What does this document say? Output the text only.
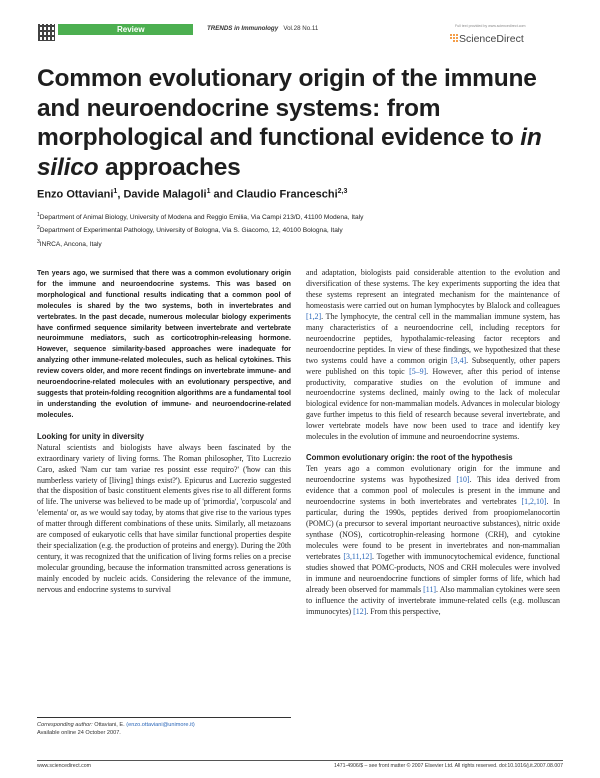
Review	TRENDS in Immunology Vol.28 No.11	Full text provided by www.sciencedirect.com
ScienceDirect
Common evolutionary origin of the immune and neuroendocrine systems: from morphological and functional evidence to in silico approaches
Enzo Ottaviani$^1$, Davide Malagoli$^1$ and Claudio Franceschi$^{2,3}$
$^1$Department of Animal Biology, University of Modena and Reggio Emilia, Via Campi 213/D, 41100 Modena, Italy
$^2$Department of Experimental Pathology, University of Bologna, Via S. Giacomo, 12, 40100 Bologna, Italy
$^3$INRCA, Ancona, Italy

Ten years ago, we surmised that there was a common evolutionary origin for the immune and neuroendocrine systems. This was based on morphological and functional results indicating that a common pool of molecules is shared by the two systems, both in invertebrates and vertebrates. In the past decade, numerous molecular biology experiments have confirmed sequence similarity between invertebrate and vertebrate neuroimmune mediators, such as corticotrophin-releasing hormone. However, sequence similarity-based approaches were inadequate for analyzing other immune-related molecules, such as helical cytokines. This review covers older, and more recent findings on invertebrate immune- and neuroendocrine-related molecules with an evolutionary perspective, and suggests that protein-folding recognition algorithms are a fundamental tool in understanding the evolution of immune- and neuroendocrine-related molecules.

Looking for unity in diversity

Natural scientists and biologists have always been fascinated by the extraordinary variety of living forms. The Roman philosopher, Tito Lucrezio Caro, asked 'Nam cur tam variae res possint esse requiro?' ('how can this numberless variety of [living] things exist?'). Epicurus and Lucrezio suggested that the disposition of basic constituent elements gives rise to all different forms of life. The universe was believed to be made up of 'primordia', 'corpuscola' and 'elementa' or, as we would say today, by atoms that give rise to the various types of matter through different combinations of these units. Similarly, all metazoans are composed of eukaryotic cells that have similar functional properties despite their specialization (e.g. the production of proteins and energy). During the 20th century, it was recognized that the unification of living forms relies on a precise molecular grounding, because the information transmitted across generations is mainly encoded by nucleic acids. Considering the relevance of the immune, nervous and endocrine systems to survival

and adaptation, biologists paid considerable attention to the evolution and diversification of these systems. The key experiments supporting the idea that these systems represent an integrated mechanism for the maintenance of homeostasis were carried out on human lymphocytes by Blalock and colleagues [1,2]. The lymphocyte, the central cell in the mammalian immune system, has many characteristics of a neuroendocrine cell, including receptors for neuroendocrine peptides, hypothalamic-releasing factor receptors and neuroendocrine peptides. In view of these findings, we hypothesized that these two systems could have a common origin [3,4]. Subsequently, other papers were published on this topic [5–9]. However, after this period of intense productivity, comparative studies on the evolution of immune and neuroendocrine systems declined, mainly owing to the lack of molecular biological evidence for non-mammalian models. Advances in molecular biology gave further impetus to this field of research because several invertebrate, and lower vertebrate models have now been used to trace and identify key molecules in the evolution of immune and neuroendocrine systems.

Common evolutionary origin: the root of the hypothesis

Ten years ago a common evolutionary origin for the immune and neuroendocrine systems was hypothesized [10]. This idea derived from evidence that a common pool of molecules is present in the immune and neuroendocrine systems in both invertebrates and vertebrates [1,2,10]. In particular, during the 1990s, peptides derived from proopiomelanocortin (POMC) (a precursor to several important neuroactive substances), nitric oxide synthase (NOS), corticotrophin-releasing hormone (CRH), and cytokine molecules were found to be present in invertebrates and non-mammalian vertebrates [3,11,12]. Together with immunocytochemical evidence, functional studies showed that POMC-products, NOS and CRH molecules were involved in immune and neuroendocrine functions of simpler forms of life, which had already been observed for mammals [11]. Also mammalian cytokines were seen to influence the activity of invertebrate immune-related cells (e.g. molluscan immunocytes) [12]. From this perspective,

Corresponding author: Ottaviani, E. (enzo.ottaviani@unimore.it)
Available online 24 October 2007.
www.sciencedirect.com	1471-4906/$ – see front matter © 2007 Elsevier Ltd. All rights reserved. doi:10.1016/j.it.2007.08.007
